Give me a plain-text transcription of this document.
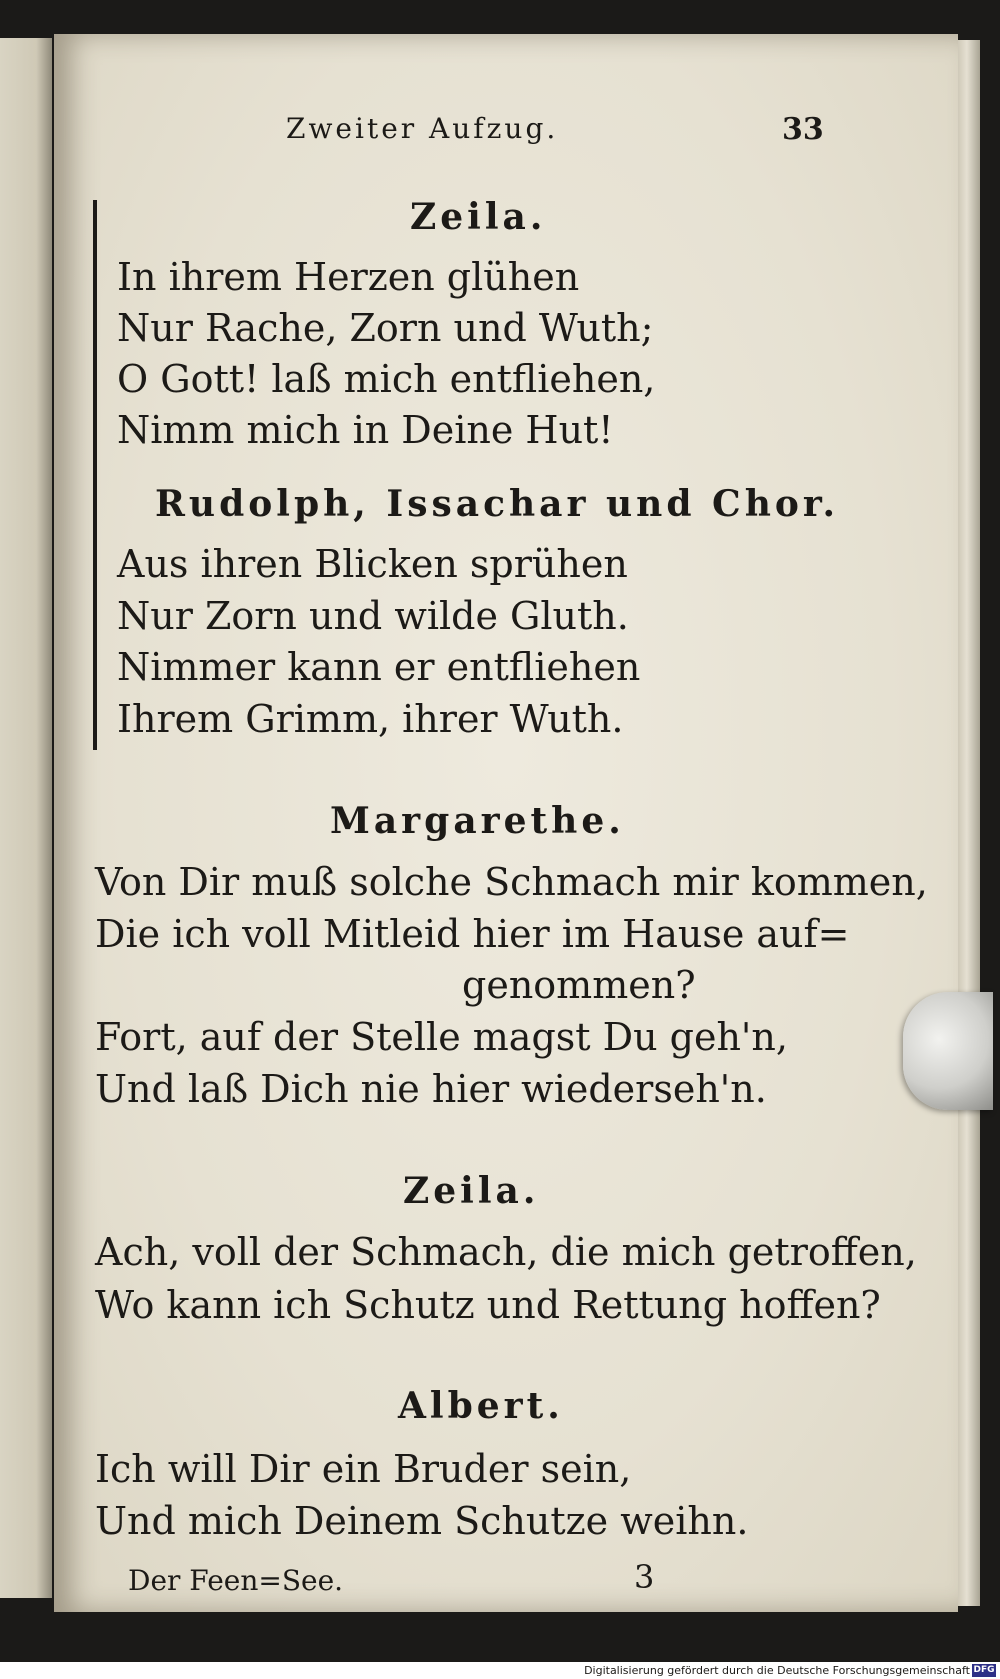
Zweiter Aufzug.	33
Zeila.
In ihrem Herzen glühen
Nur Rache, Zorn und Wuth;
O Gott! laß mich entfliehen,
Nimm mich in Deine Hut!
Rudolph, Issachar und Chor.
Aus ihren Blicken sprühen
Nur Zorn und wilde Gluth.
Nimmer kann er entfliehen
Ihrem Grimm, ihrer Wuth.
Margarethe.
Von Dir muß solche Schmach mir kommen,
Die ich voll Mitleid hier im Hause auf=
genommen?
Fort, auf der Stelle magst Du geh'n,
Und laß Dich nie hier wiederseh'n.
Zeila.
Ach, voll der Schmach, die mich getroffen,
Wo kann ich Schutz und Rettung hoffen?
Albert.
Ich will Dir ein Bruder sein,
Und mich Deinem Schutze weihn.
Der Feen=See.	3
Digitalisierung gefördert durch die Deutsche Forschungsgemeinschaft DFG
